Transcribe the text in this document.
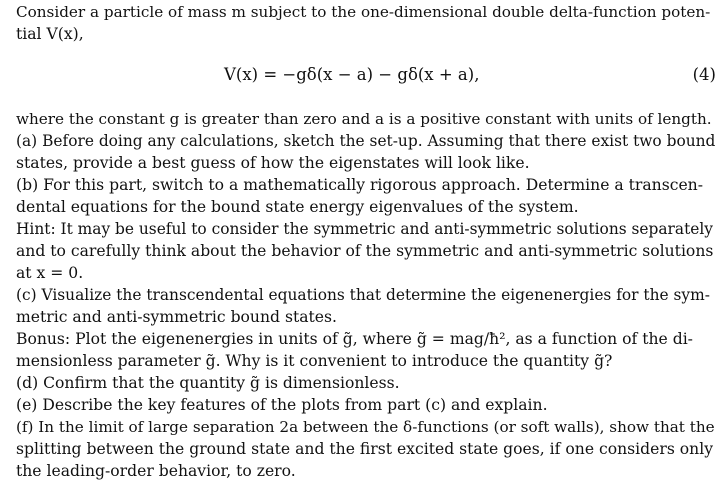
Consider a particle of mass m subject to the one-dimensional double delta-function poten-
tial V(x),
V(x) = −gδ(x − a) − gδ(x + a),	(4)
where the constant g is greater than zero and a is a positive constant with units of length.
(a) Before doing any calculations, sketch the set-up. Assuming that there exist two bound
states, provide a best guess of how the eigenstates will look like.
(b) For this part, switch to a mathematically rigorous approach. Determine a transcen-
dental equations for the bound state energy eigenvalues of the system.
Hint: It may be useful to consider the symmetric and anti-symmetric solutions separately
and to carefully think about the behavior of the symmetric and anti-symmetric solutions
at x = 0.
(c) Visualize the transcendental equations that determine the eigenenergies for the sym-
metric and anti-symmetric bound states.
Bonus: Plot the eigenenergies in units of g̃, where g̃ = mag/ħ², as a function of the di-
mensionless parameter g̃. Why is it convenient to introduce the quantity g̃?
(d) Confirm that the quantity g̃ is dimensionless.
(e) Describe the key features of the plots from part (c) and explain.
(f) In the limit of large separation 2a between the δ-functions (or soft walls), show that the
splitting between the ground state and the first excited state goes, if one considers only
the leading-order behavior, to zero.
